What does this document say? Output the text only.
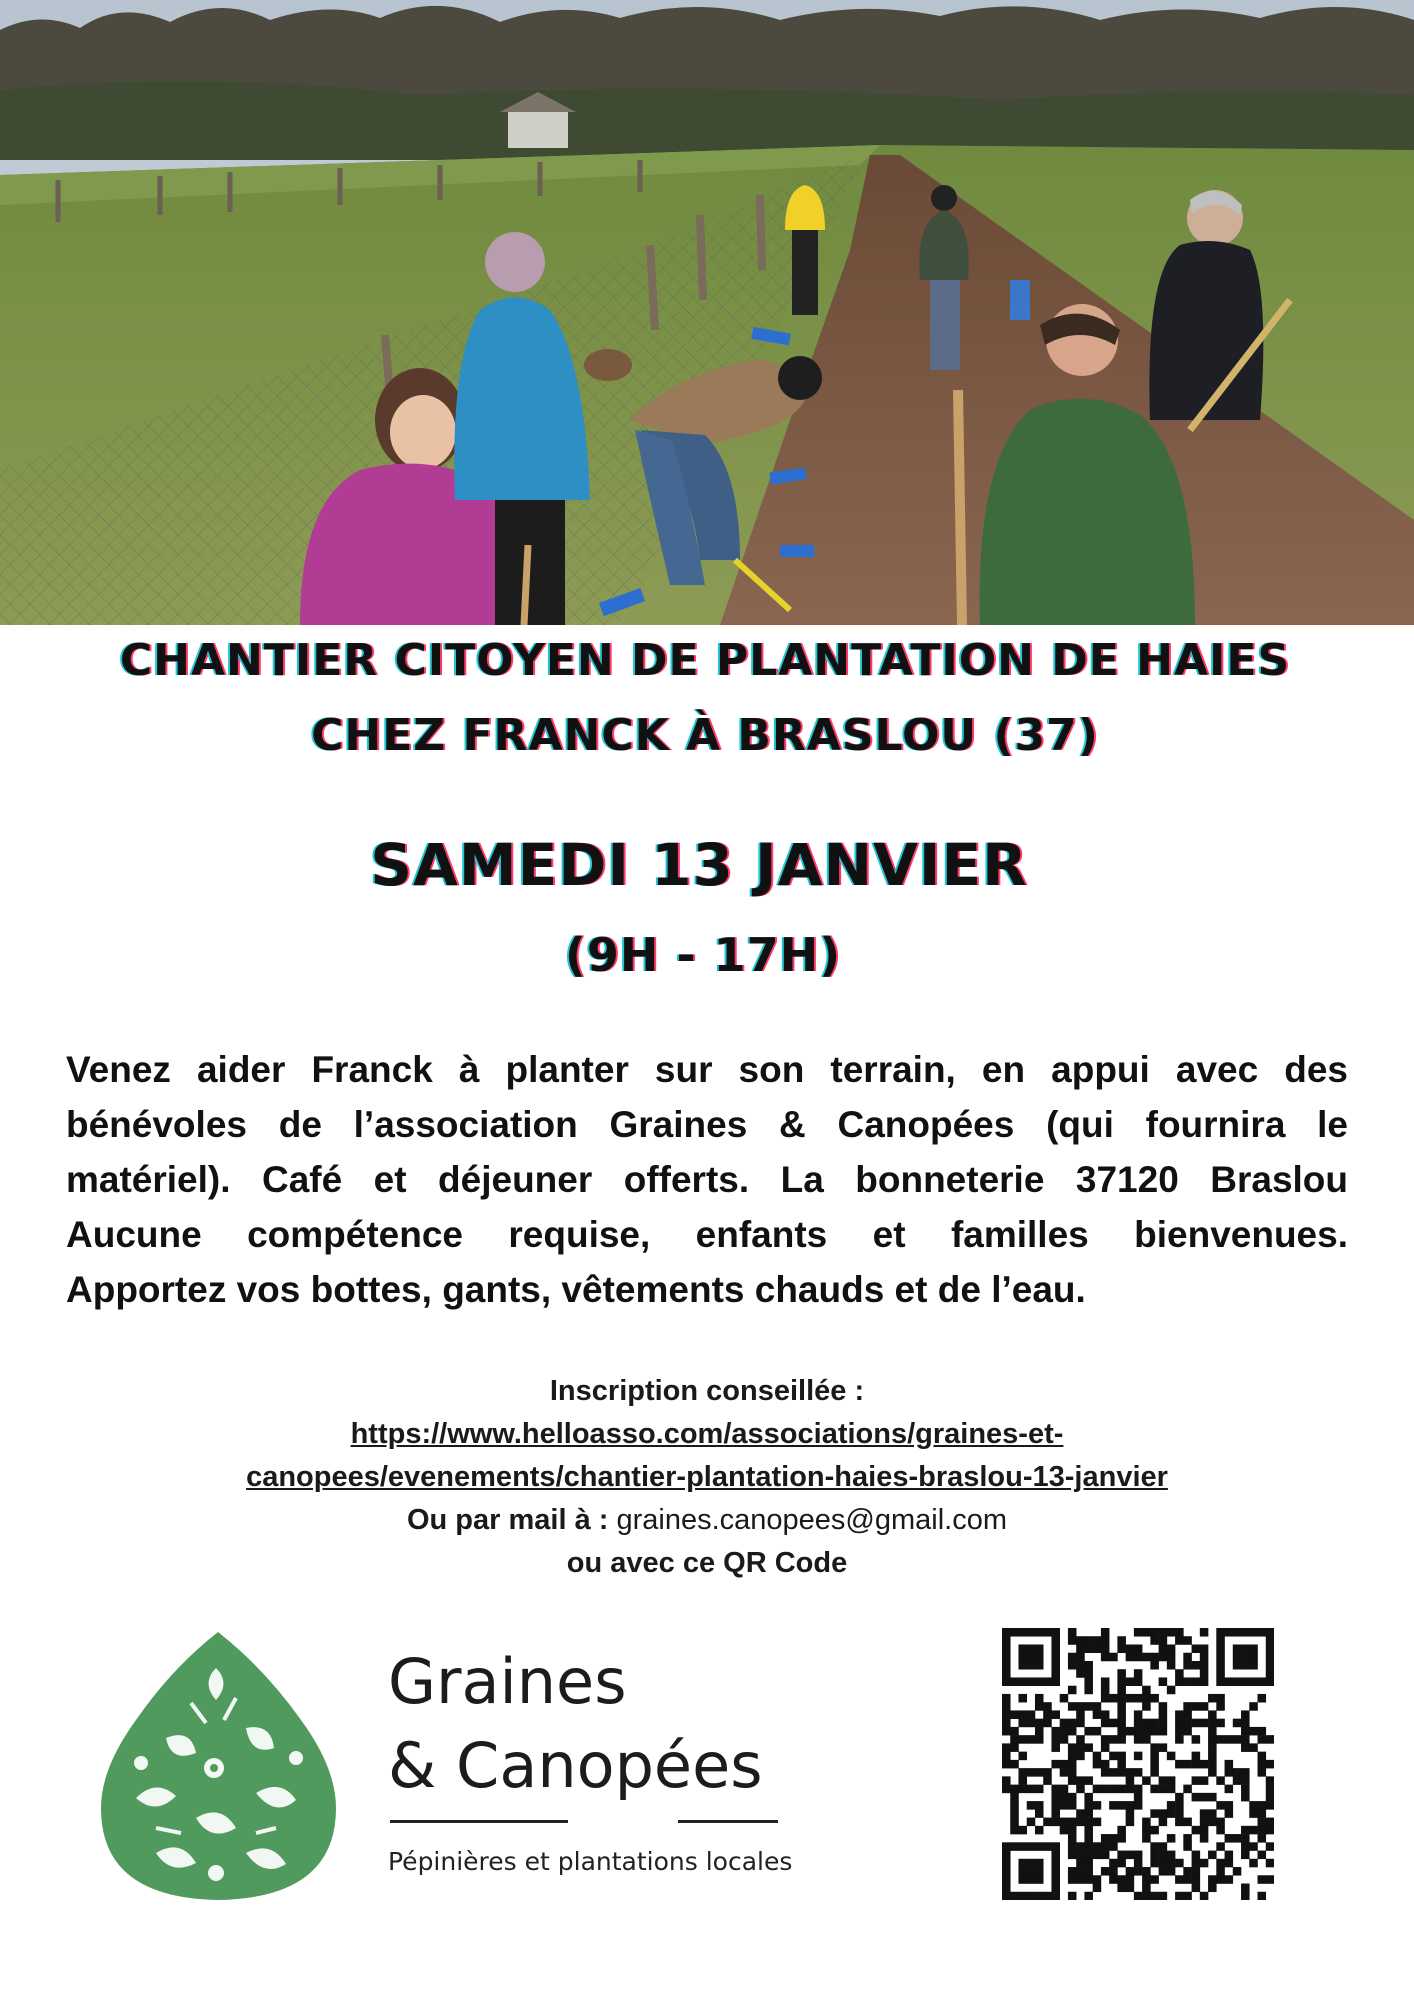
CHANTIER CITOYEN DE PLANTATION DE HAIES

CHEZ FRANCK À BRASLOU (37)

SAMEDI 13 JANVIER

(9H - 17H)

Venez aider Franck à planter sur son terrain, en appui avec des
bénévoles de l’association Graines & Canopées (qui fournira le
matériel). Café et déjeuner offerts. La bonneterie 37120 Braslou
Aucune compétence requise, enfants et familles bienvenues.
Apportez vos bottes, gants, vêtements chauds et de l’eau.
Inscription conseillée :
https://www.helloasso.com/associations/graines-et-
canopees/evenements/chantier-plantation-haies-braslou-13-janvier
Ou par mail à : graines.canopees@gmail.com
ou avec ce QR Code

Graines

& Canopées

Pépinières et plantations locales
